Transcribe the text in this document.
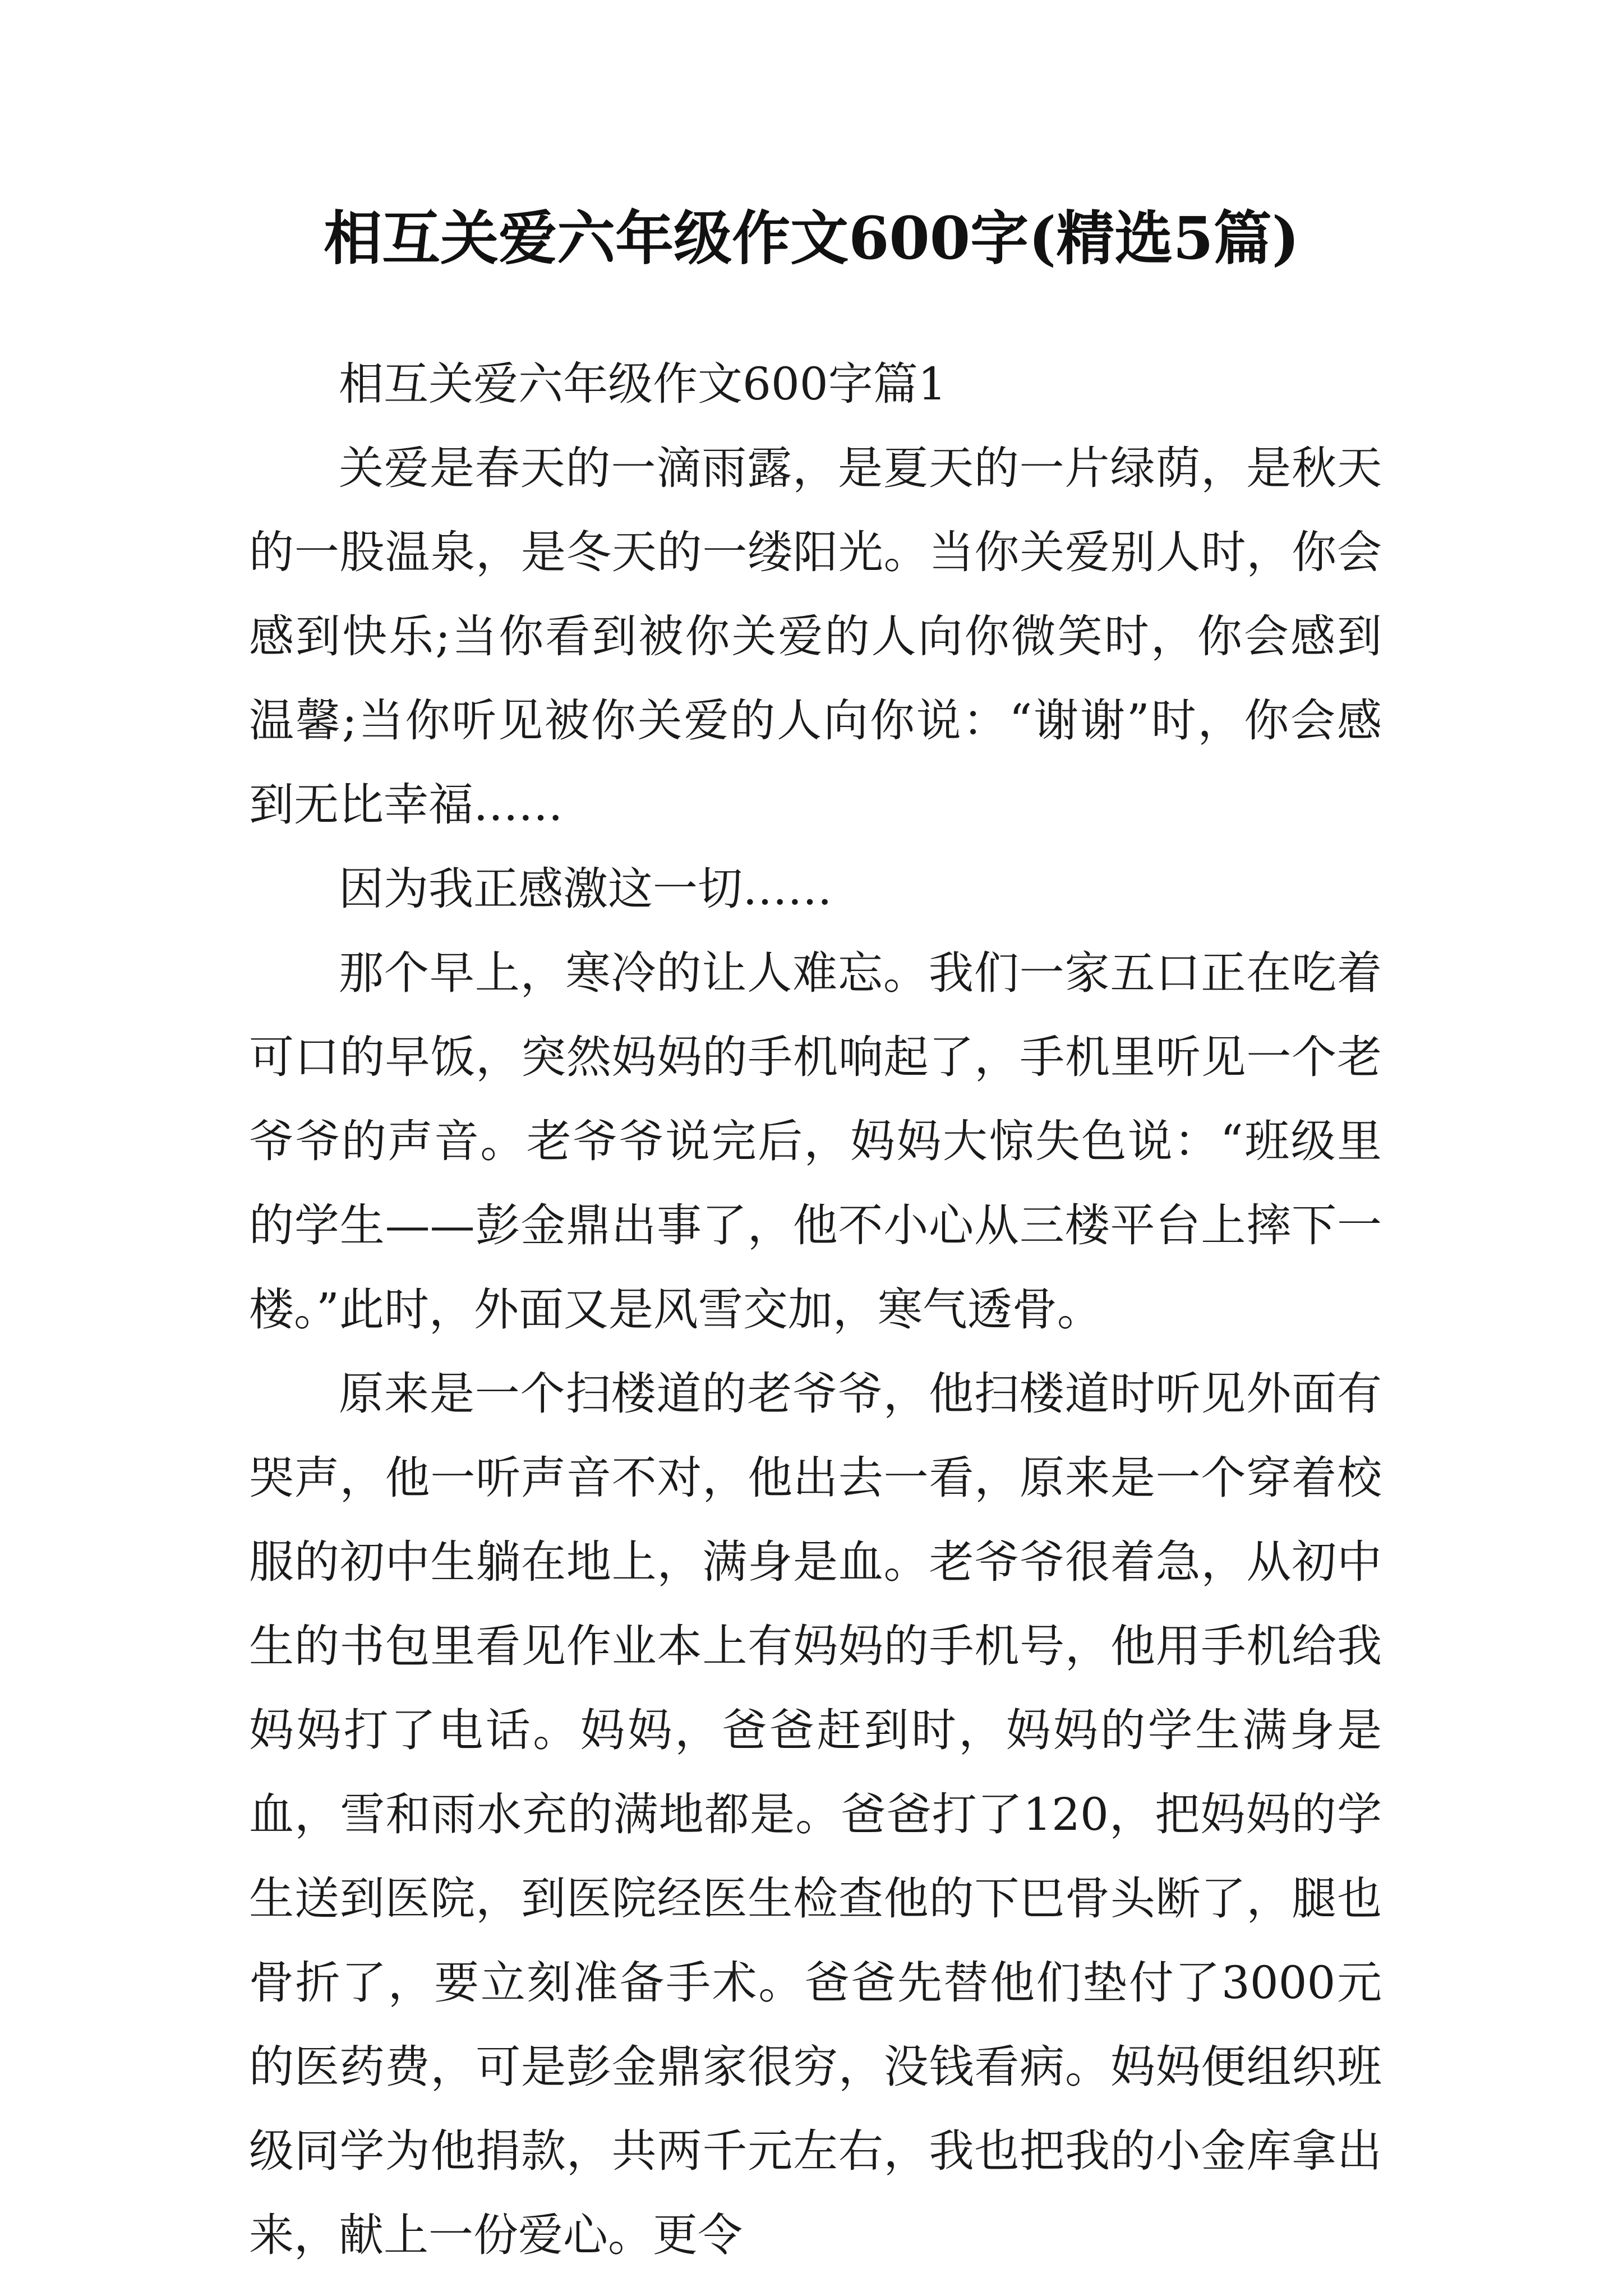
相互关爱六年级作文600字(精选5篇)

相互关爱六年级作文600字篇1

关爱是春天的一滴雨露，是夏天的一片绿荫，是秋天的一股温泉，是冬天的一缕阳光。当你关爱别人时，你会感到快乐;当你看到被你关爱的人向你微笑时，你会感到温馨;当你听见被你关爱的人向你说：“谢谢”时，你会感到无比幸福……

因为我正感激这一切……

那个早上，寒冷的让人难忘。我们一家五口正在吃着可口的早饭，突然妈妈的手机响起了，手机里听见一个老爷爷的声音。老爷爷说完后，妈妈大惊失色说：“班级里的学生——彭金鼎出事了，他不小心从三楼平台上摔下一楼。”此时，外面又是风雪交加，寒气透骨。

原来是一个扫楼道的老爷爷，他扫楼道时听见外面有哭声，他一听声音不对，他出去一看，原来是一个穿着校服的初中生躺在地上，满身是血。老爷爷很着急，从初中生的书包里看见作业本上有妈妈的手机号，他用手机给我妈妈打了电话。妈妈，爸爸赶到时，妈妈的学生满身是血，雪和雨水充的满地都是。爸爸打了120，把妈妈的学生送到医院，到医院经医生检查他的下巴骨头断了，腿也骨折了，要立刻准备手术。爸爸先替他们垫付了3000元的医药费，可是彭金鼎家很穷，没钱看病。妈妈便组织班级同学为他捐款，共两千元左右，我也把我的小金库拿出来，献上一份爱心。更令
